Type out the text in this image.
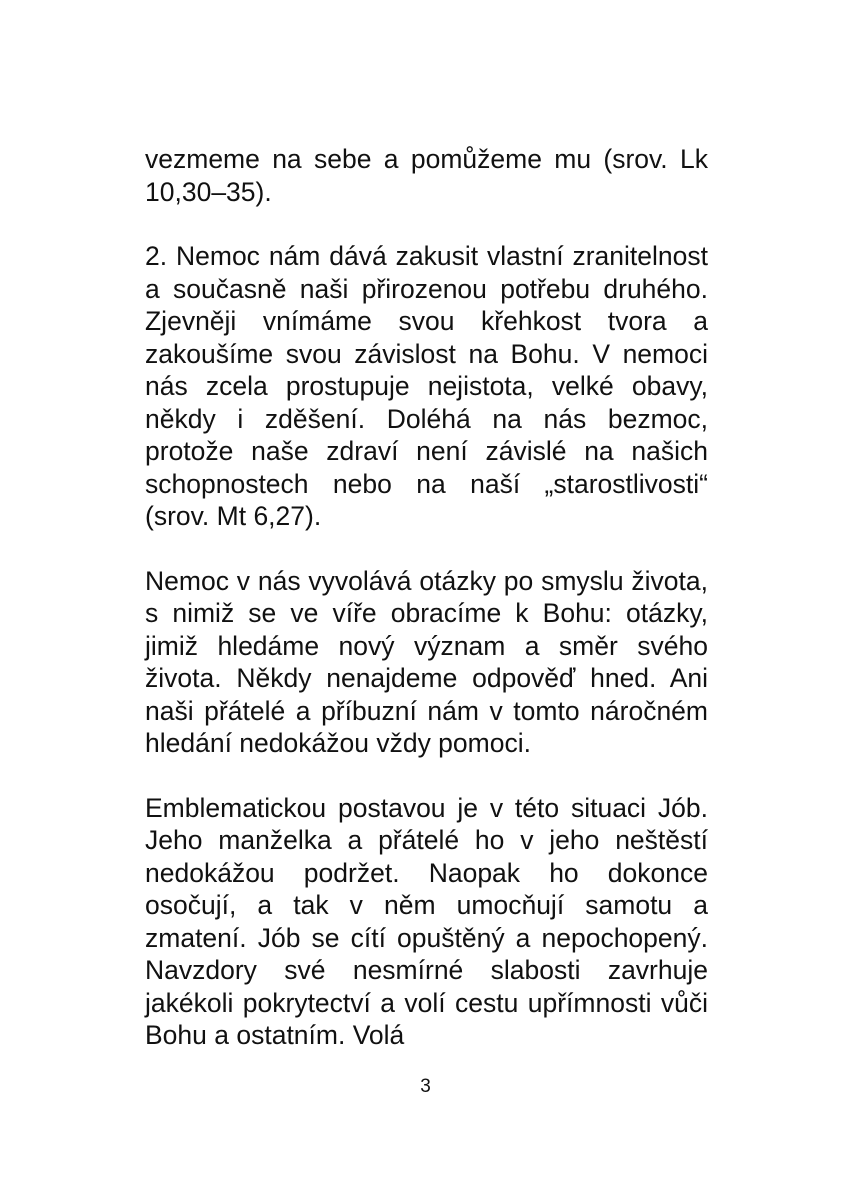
vezmeme na sebe a pomůžeme mu (srov. Lk 10,30–35).

2. Nemoc nám dává zakusit vlastní zranitelnost a současně naši přirozenou potřebu druhého. Zjevněji vnímáme svou křehkost tvora a zakoušíme svou závislost na Bohu. V nemoci nás zcela prostupuje nejistota, velké obavy, někdy i zděšení. Doléhá na nás bezmoc, protože naše zdraví není závislé na našich schopnostech nebo na naší „starostlivosti“ (srov. Mt 6,27).

Nemoc v nás vyvolává otázky po smyslu života, s nimiž se ve víře obracíme k Bohu: otázky, jimiž hledáme nový význam a směr svého života. Někdy nenajdeme odpověď hned. Ani naši přátelé a příbuzní nám v tomto náročném hledání nedokážou vždy pomoci.

Emblematickou postavou je v této situaci Jób. Jeho manželka a přátelé ho v jeho neštěstí nedokážou podržet. Naopak ho dokonce osočují, a tak v něm umocňují samotu a zmatení. Jób se cítí opuštěný a nepochopený. Navzdory své nesmírné slabosti zavrhuje jakékoli pokrytectví a volí cestu upřímnosti vůči Bohu a ostatním. Volá

3
